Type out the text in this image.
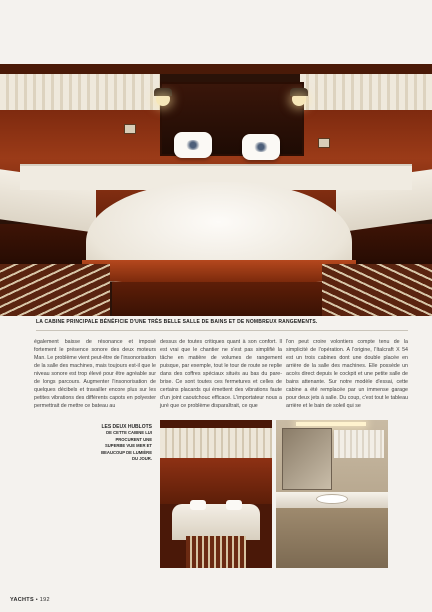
LA CABINE PRINCIPALE BÉNÉFICIE D'UNE TRÈS BELLE SALLE DE BAINS ET DE NOMBREUX RANGEMENTS.

également baisse de résonance et imposé fortement le présence sonore des deux moteurs Man. Le problème vient peut-être de l'insonorisation de la salle des machines, mais toujours est-il que le niveau sonore est trop élevé pour être agréable sur de longs parcours. Augmenter l'insonorisation de quelques décibels et travailler encore plus sur les petites vibrations des différents capots en polyester permettrait de mettre ce bateau au

dessus de toutes critiques quant à son confort. Il est vrai que le chantier ne s'est pas simplifié la tâche en matière de volumes de rangement puisque, par exemple, tout le tour de route se replie dans des coffres spéciaux situés au bas du pare-brise. Ce sont toutes ces fermetures et celles de certains placards qui émettent des vibrations faute d'un joint caoutchouc efficace. L'importateur nous a juré que ce problème disparaîtrait, ce que

l'on peut croire volontiers compte tenu de la simplicité de l'opération. A l'origine, l'Italcraft X 54 est un trois cabines dont une double placée en arrière de la salle des machines. Elle possède un accès direct depuis le cockpit et une petite salle de bains attenante. Sur notre modèle d'essai, cette cabine a été remplacée par un immense garage pour deux jets à salle. Du coup, c'est tout le tableau arrière et le bain de soleil qui se

LES DEUX HUBLOTS DE CETTE CABINE LUI PROCURENT UNE SUPERBE VUE MER ET BEAUCOUP DE LUMIÈRE DU JOUR.
YACHTS • 192
